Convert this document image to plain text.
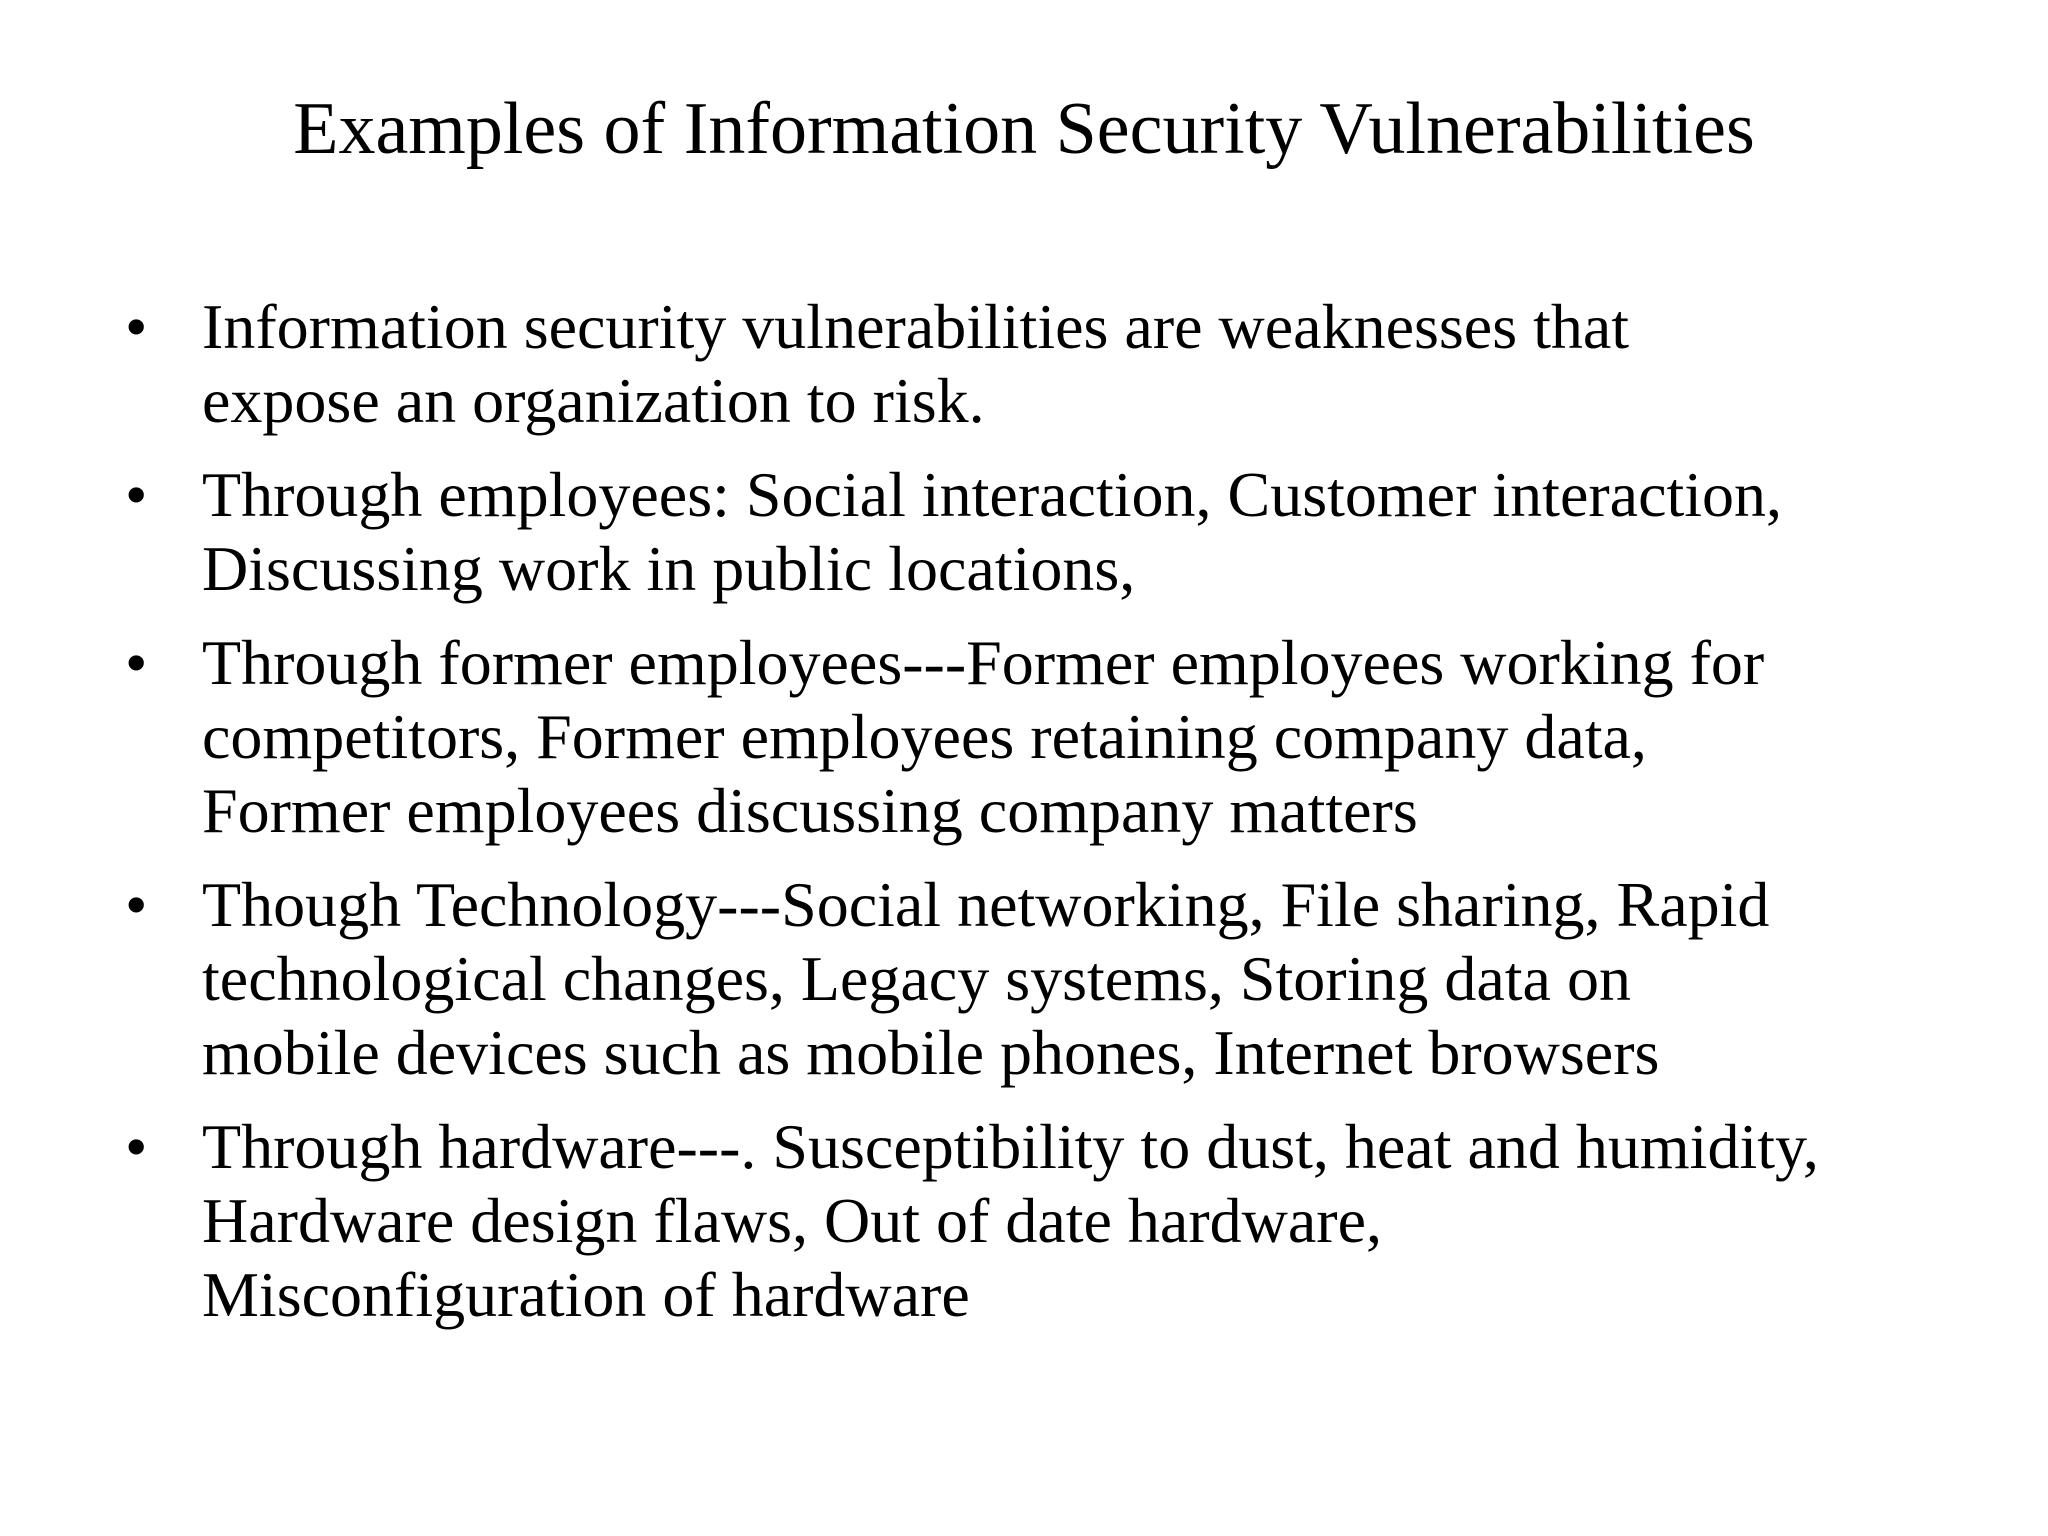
Examples of Information Security Vulnerabilities
• Information security vulnerabilities are weaknesses that
expose an organization to risk.
• Through employees: Social interaction, Customer interaction,
Discussing work in public locations,
• Through former employees---Former employees working for
competitors, Former employees retaining company data,
Former employees discussing company matters
• Though Technology---Social networking, File sharing, Rapid
technological changes, Legacy systems, Storing data on
mobile devices such as mobile phones, Internet browsers
• Through hardware---. Susceptibility to dust, heat and humidity,
Hardware design flaws, Out of date hardware,
Misconfiguration of hardware
